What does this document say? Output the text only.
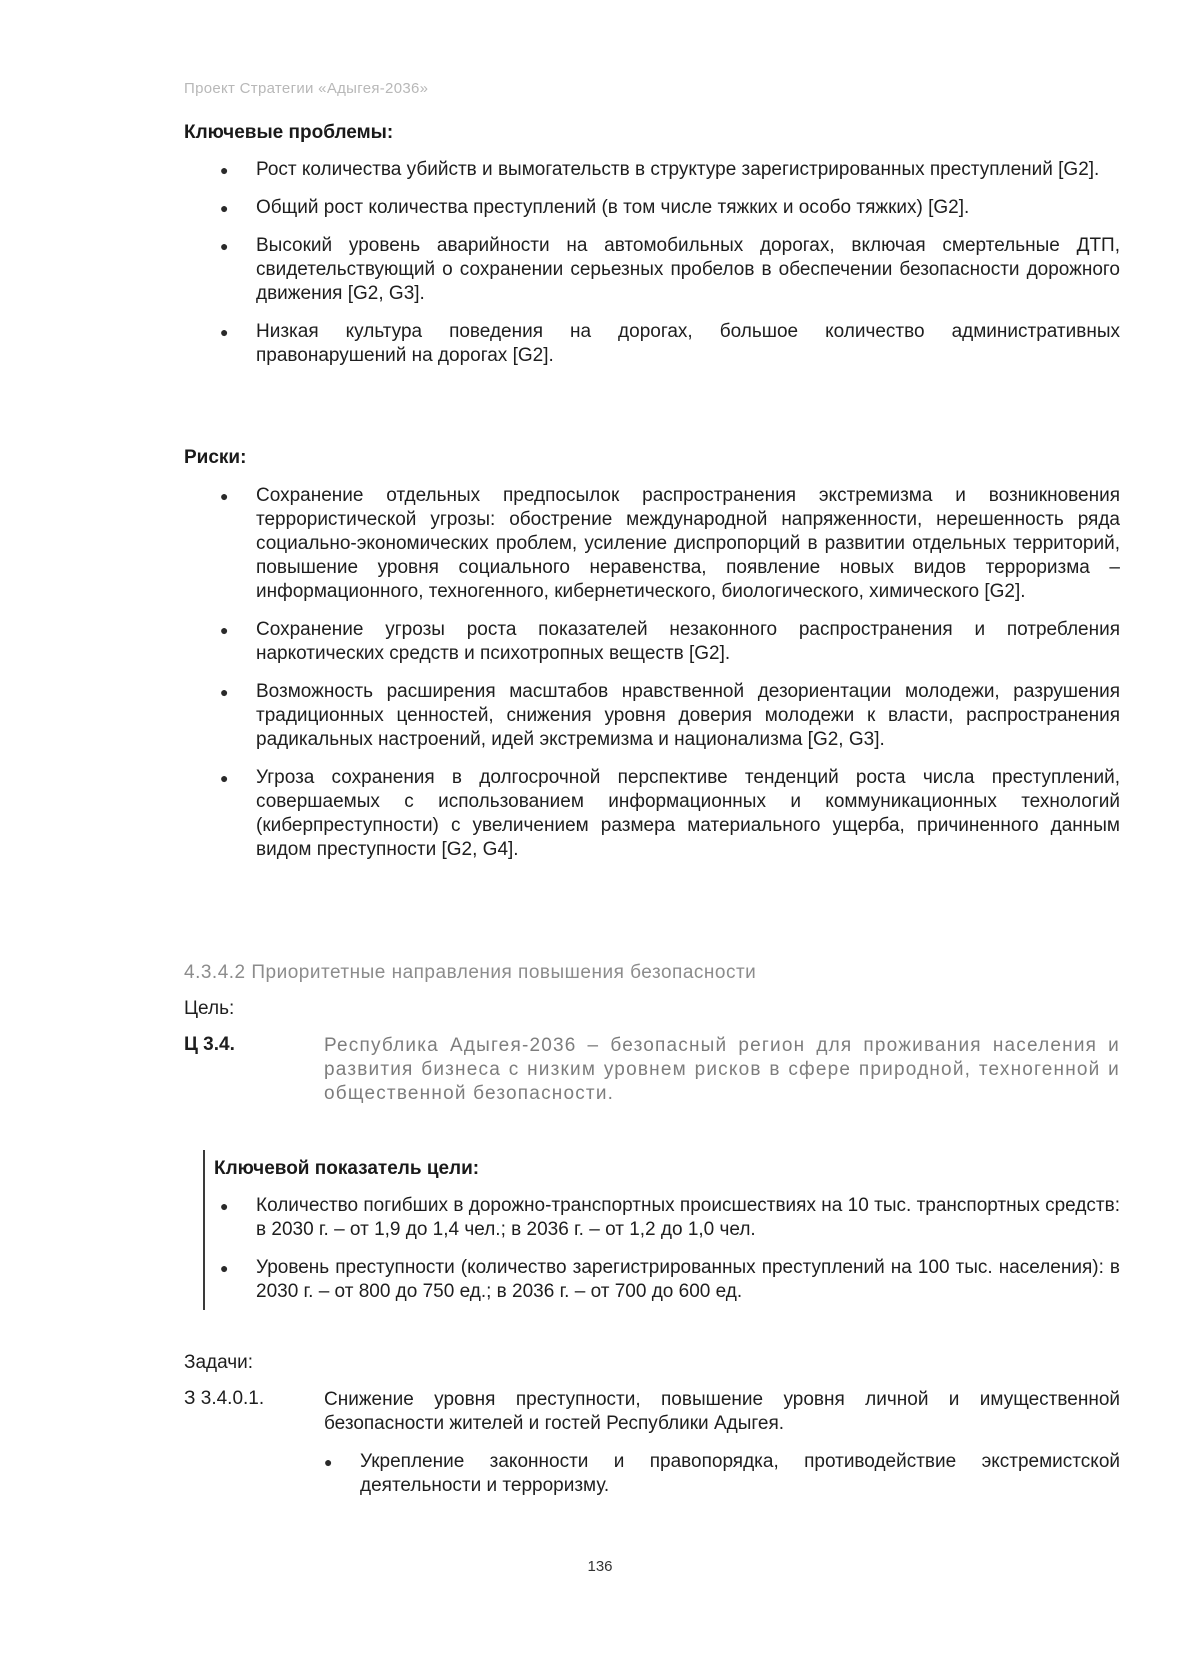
Проект Стратегии «Адыгея-2036»
Ключевые проблемы:
● Рост количества убийств и вымогательств в структуре зарегистрированных преступлений [G2].
● Общий рост количества преступлений (в том числе тяжких и особо тяжких) [G2].
● Высокий уровень аварийности на автомобильных дорогах, включая смертельные ДТП, свидетельствующий о сохранении серьезных пробелов в обеспечении безопасности дорожного движения [G2, G3].
● Низкая культура поведения на дорогах, большое количество административных правонарушений на дорогах [G2].
Риски:
● Сохранение отдельных предпосылок распространения экстремизма и возникновения террористической угрозы: обострение международной напряженности, нерешенность ряда социально-экономических проблем, усиление диспропорций в развитии отдельных территорий, повышение уровня социального неравенства, появление новых видов терроризма – информационного, техногенного, кибернетического, биологического, химического [G2].
● Сохранение угрозы роста показателей незаконного распространения и потребления наркотических средств и психотропных веществ [G2].
● Возможность расширения масштабов нравственной дезориентации молодежи, разрушения традиционных ценностей, снижения уровня доверия молодежи к власти, распространения радикальных настроений, идей экстремизма и национализма [G2, G3].
● Угроза сохранения в долгосрочной перспективе тенденций роста числа преступлений, совершаемых с использованием информационных и коммуникационных технологий (киберпреступности) с увеличением размера материального ущерба, причиненного данным видом преступности [G2, G4].
4.3.4.2 Приоритетные направления повышения безопасности
Цель:
Ц 3.4.	Республика Адыгея-2036 – безопасный регион для проживания населения и развития бизнеса с низким уровнем рисков в сфере природной, техногенной и общественной безопасности.
Ключевой показатель цели:
● Количество погибших в дорожно-транспортных происшествиях на 10 тыс. транспортных средств: в 2030 г. – от 1,9 до 1,4 чел.; в 2036 г. – от 1,2 до 1,0 чел.
● Уровень преступности (количество зарегистрированных преступлений на 100 тыс. населения): в 2030 г. – от 800 до 750 ед.; в 2036 г. – от 700 до 600 ед.
Задачи:
З 3.4.0.1.	Снижение уровня преступности, повышение уровня личной и имущественной безопасности жителей и гостей Республики Адыгея.
● Укрепление законности и правопорядка, противодействие экстремистской деятельности и терроризму.
136
